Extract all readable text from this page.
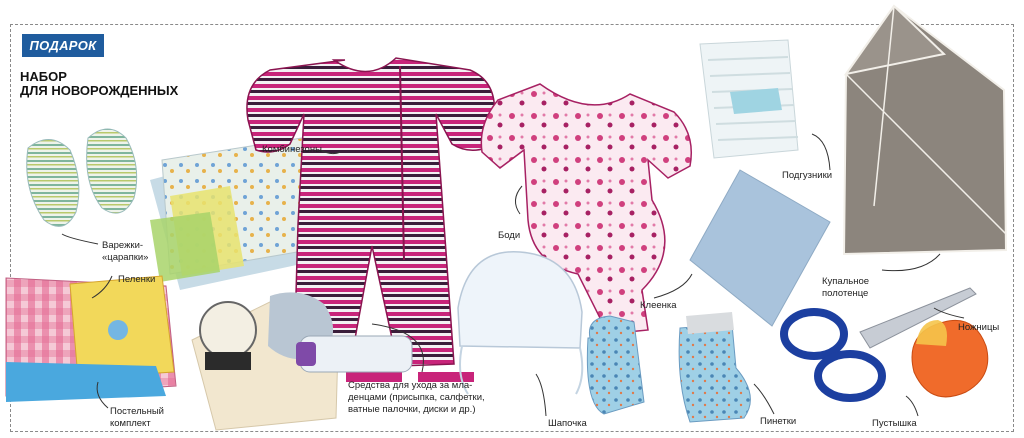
ПОДАРОК
НАБОР
ДЛЯ НОВОРОЖДЕННЫХ
Комбинезоны
Варежки-
«царапки»
Пеленки
Боди
Подгузники
Клеенка
Купальное
полотенце
Ножницы
Постельный
комплект
Средства для ухода за мла-
денцами (присыпка, салфетки,
ватные палочки, диски и др.)
Шапочка	Пинетки	Пустышка
